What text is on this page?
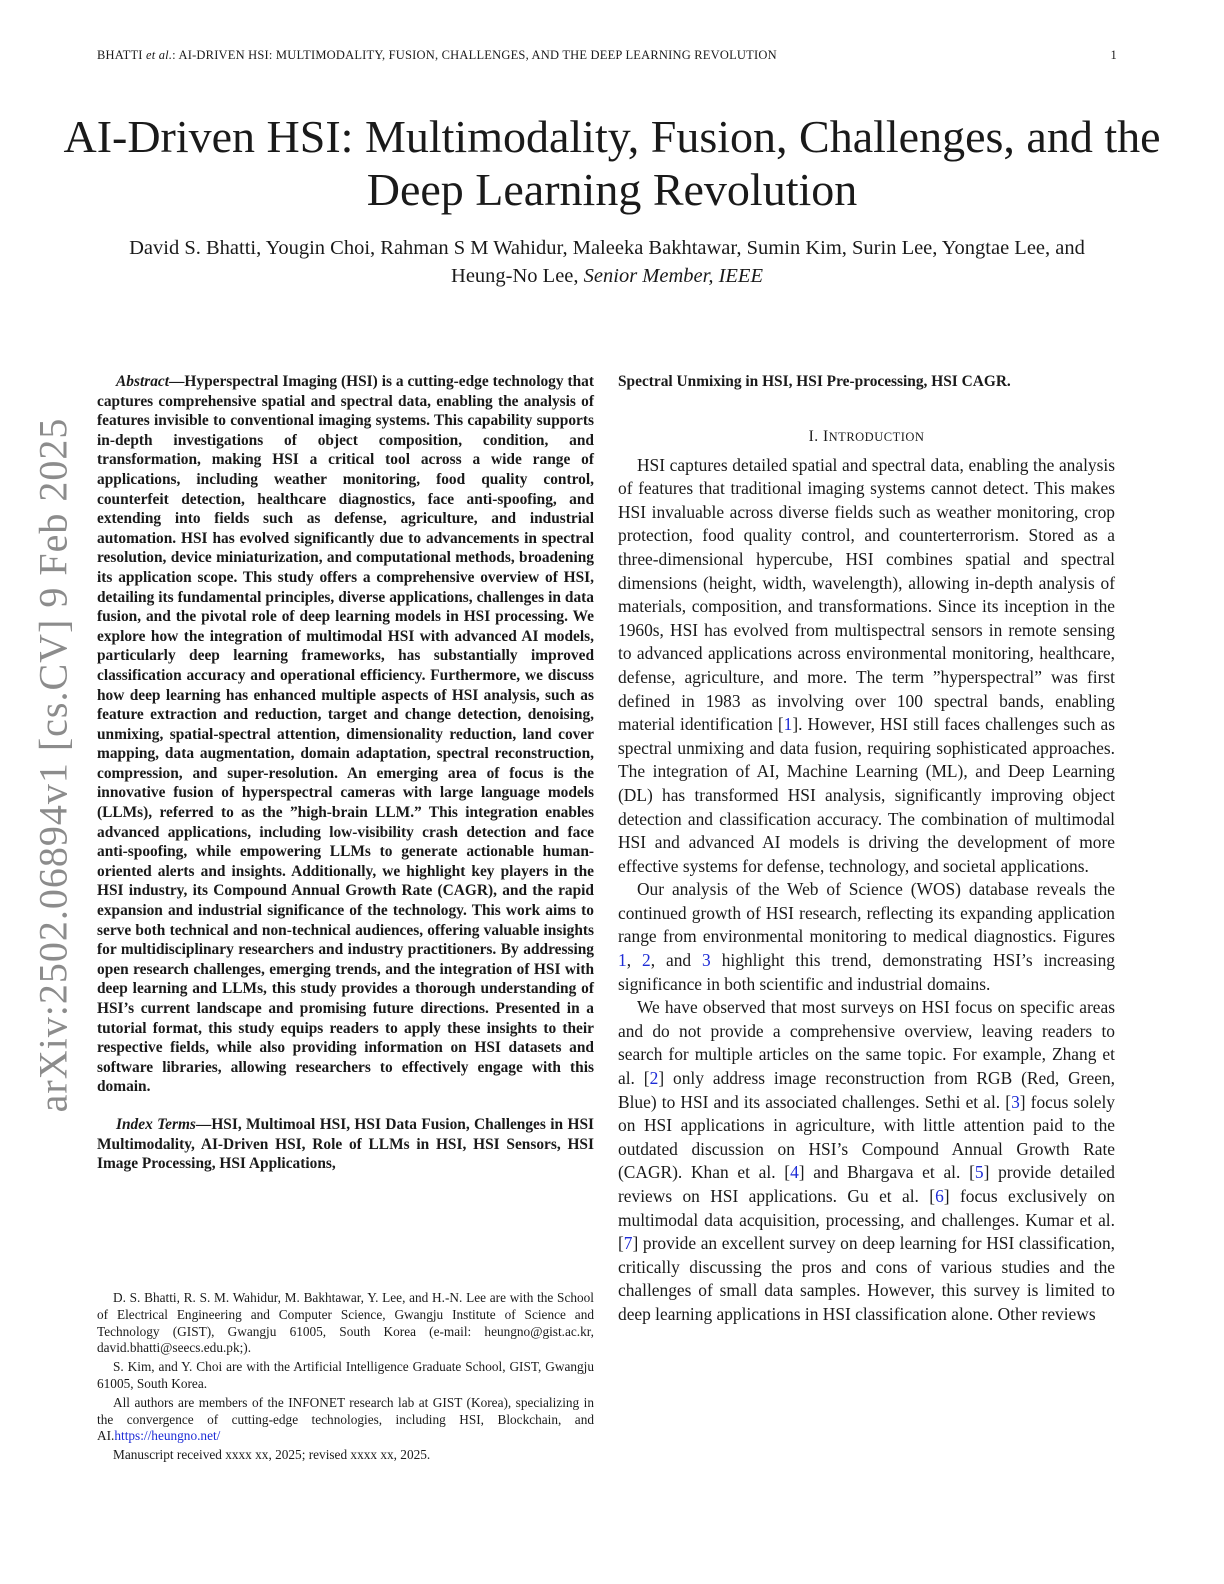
BHATTI et al.: AI-DRIVEN HSI: MULTIMODALITY, FUSION, CHALLENGES, AND THE DEEP LEARNING REVOLUTION	1
arXiv:2502.06894v1 [cs.CV] 9 Feb 2025
AI-Driven HSI: Multimodality, Fusion, Challenges, and the Deep Learning Revolution
David S. Bhatti, Yougin Choi, Rahman S M Wahidur, Maleeka Bakhtawar, Sumin Kim, Surin Lee, Yongtae Lee, and Heung-No Lee, Senior Member, IEEE

Abstract—Hyperspectral Imaging (HSI) is a cutting-edge technology that captures comprehensive spatial and spectral data, enabling the analysis of features invisible to conventional imaging systems. This capability supports in-depth investigations of object composition, condition, and transformation, making HSI a critical tool across a wide range of applications, including weather monitoring, food quality control, counterfeit detection, healthcare diagnostics, face anti-spoofing, and extending into fields such as defense, agriculture, and industrial automation. HSI has evolved significantly due to advancements in spectral resolution, device miniaturization, and computational methods, broadening its application scope. This study offers a comprehensive overview of HSI, detailing its fundamental principles, diverse applications, challenges in data fusion, and the pivotal role of deep learning models in HSI processing. We explore how the integration of multimodal HSI with advanced AI models, particularly deep learning frameworks, has substantially improved classification accuracy and operational efficiency. Furthermore, we discuss how deep learning has enhanced multiple aspects of HSI analysis, such as feature extraction and reduction, target and change detection, denoising, unmixing, spatial-spectral attention, dimensionality reduction, land cover mapping, data augmentation, domain adaptation, spectral reconstruction, compression, and super-resolution. An emerging area of focus is the innovative fusion of hyperspectral cameras with large language models (LLMs), referred to as the ”high-brain LLM.” This integration enables advanced applications, including low-visibility crash detection and face anti-spoofing, while empowering LLMs to generate actionable human-oriented alerts and insights. Additionally, we highlight key players in the HSI industry, its Compound Annual Growth Rate (CAGR), and the rapid expansion and industrial significance of the technology. This work aims to serve both technical and non-technical audiences, offering valuable insights for multidisciplinary researchers and industry practitioners. By addressing open research challenges, emerging trends, and the integration of HSI with deep learning and LLMs, this study provides a thorough understanding of HSI’s current landscape and promising future directions. Presented in a tutorial format, this study equips readers to apply these insights to their respective fields, while also providing information on HSI datasets and software libraries, allowing researchers to effectively engage with this domain.

Index Terms—HSI, Multimoal HSI, HSI Data Fusion, Challenges in HSI Multimodality, AI-Driven HSI, Role of LLMs in HSI, HSI Sensors, HSI Image Processing, HSI Applications,

D. S. Bhatti, R. S. M. Wahidur, M. Bakhtawar, Y. Lee, and H.-N. Lee are with the School of Electrical Engineering and Computer Science, Gwangju Institute of Science and Technology (GIST), Gwangju 61005, South Korea (e-mail: heungno@gist.ac.kr, david.bhatti@seecs.edu.pk;).

S. Kim, and Y. Choi are with the Artificial Intelligence Graduate School, GIST, Gwangju 61005, South Korea.

All authors are members of the INFONET research lab at GIST (Korea), specializing in the convergence of cutting-edge technologies, including HSI, Blockchain, and AI.https://heungno.net/

Manuscript received xxxx xx, 2025; revised xxxx xx, 2025.

Spectral Unmixing in HSI, HSI Pre-processing, HSI CAGR.

I. INTRODUCTION

HSI captures detailed spatial and spectral data, enabling the analysis of features that traditional imaging systems cannot detect. This makes HSI invaluable across diverse fields such as weather monitoring, crop protection, food quality control, and counterterrorism. Stored as a three-dimensional hypercube, HSI combines spatial and spectral dimensions (height, width, wavelength), allowing in-depth analysis of materials, composition, and transformations. Since its inception in the 1960s, HSI has evolved from multispectral sensors in remote sensing to advanced applications across environmental monitoring, healthcare, defense, agriculture, and more. The term ”hyperspectral” was first defined in 1983 as involving over 100 spectral bands, enabling material identification [1]. However, HSI still faces challenges such as spectral unmixing and data fusion, requiring sophisticated approaches. The integration of AI, Machine Learning (ML), and Deep Learning (DL) has transformed HSI analysis, significantly improving object detection and classification accuracy. The combination of multimodal HSI and advanced AI models is driving the development of more effective systems for defense, technology, and societal applications.

Our analysis of the Web of Science (WOS) database reveals the continued growth of HSI research, reflecting its expanding application range from environmental monitoring to medical diagnostics. Figures 1, 2, and 3 highlight this trend, demonstrating HSI’s increasing significance in both scientific and industrial domains.

We have observed that most surveys on HSI focus on specific areas and do not provide a comprehensive overview, leaving readers to search for multiple articles on the same topic. For example, Zhang et al. [2] only address image reconstruction from RGB (Red, Green, Blue) to HSI and its associated challenges. Sethi et al. [3] focus solely on HSI applications in agriculture, with little attention paid to the outdated discussion on HSI’s Compound Annual Growth Rate (CAGR). Khan et al. [4] and Bhargava et al. [5] provide detailed reviews on HSI applications. Gu et al. [6] focus exclusively on multimodal data acquisition, processing, and challenges. Kumar et al. [7] provide an excellent survey on deep learning for HSI classification, critically discussing the pros and cons of various studies and the challenges of small data samples. However, this survey is limited to deep learning applications in HSI classification alone. Other reviews
